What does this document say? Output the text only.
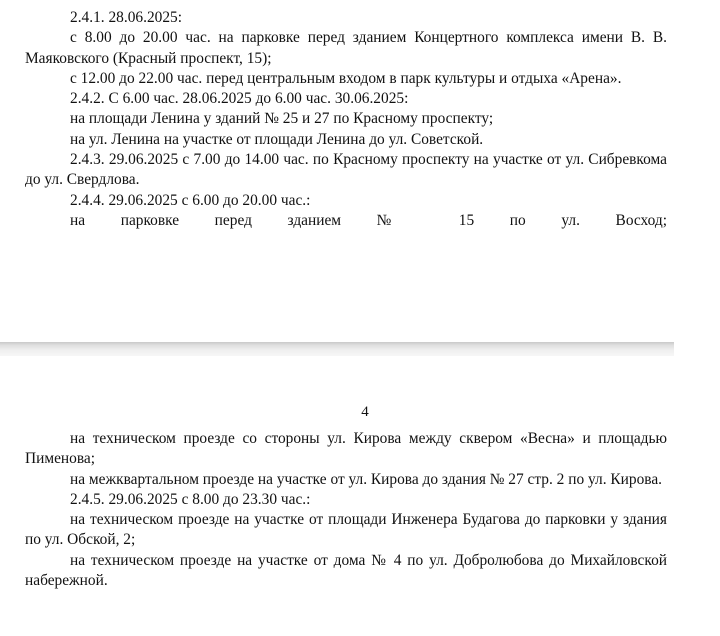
2.4.1. 28.06.2025:

с 8.00 до 20.00 час. на парковке перед зданием Концертного комплекса имени В. В. Маяковского (Красный проспект, 15);

с 12.00 до 22.00 час. перед центральным входом в парк культуры и отдыха «Арена».

2.4.2. С 6.00 час. 28.06.2025 до 6.00 час. 30.06.2025:

на площади Ленина у зданий № 25 и 27 по Красному проспекту;

на ул. Ленина на участке от площади Ленина до ул. Советской.

2.4.3. 29.06.2025 с 7.00 до 14.00 час. по Красному проспекту на участке от ул. Сибревкома до ул. Свердлова.

2.4.4. 29.06.2025 с 6.00 до 20.00 час.:

на парковке перед зданием № 15 по ул. Восход;

4

на техническом проезде со стороны ул. Кирова между сквером «Весна» и площадью Пименова;

на межквартальном проезде на участке от ул. Кирова до здания № 27 стр. 2 по ул. Кирова.

2.4.5. 29.06.2025 с 8.00 до 23.30 час.:

на техническом проезде на участке от площади Инженера Будагова до парковки у здания по ул. Обской, 2;

на техническом проезде на участке от дома № 4 по ул. Добролюбова до Михайловской набережной.
